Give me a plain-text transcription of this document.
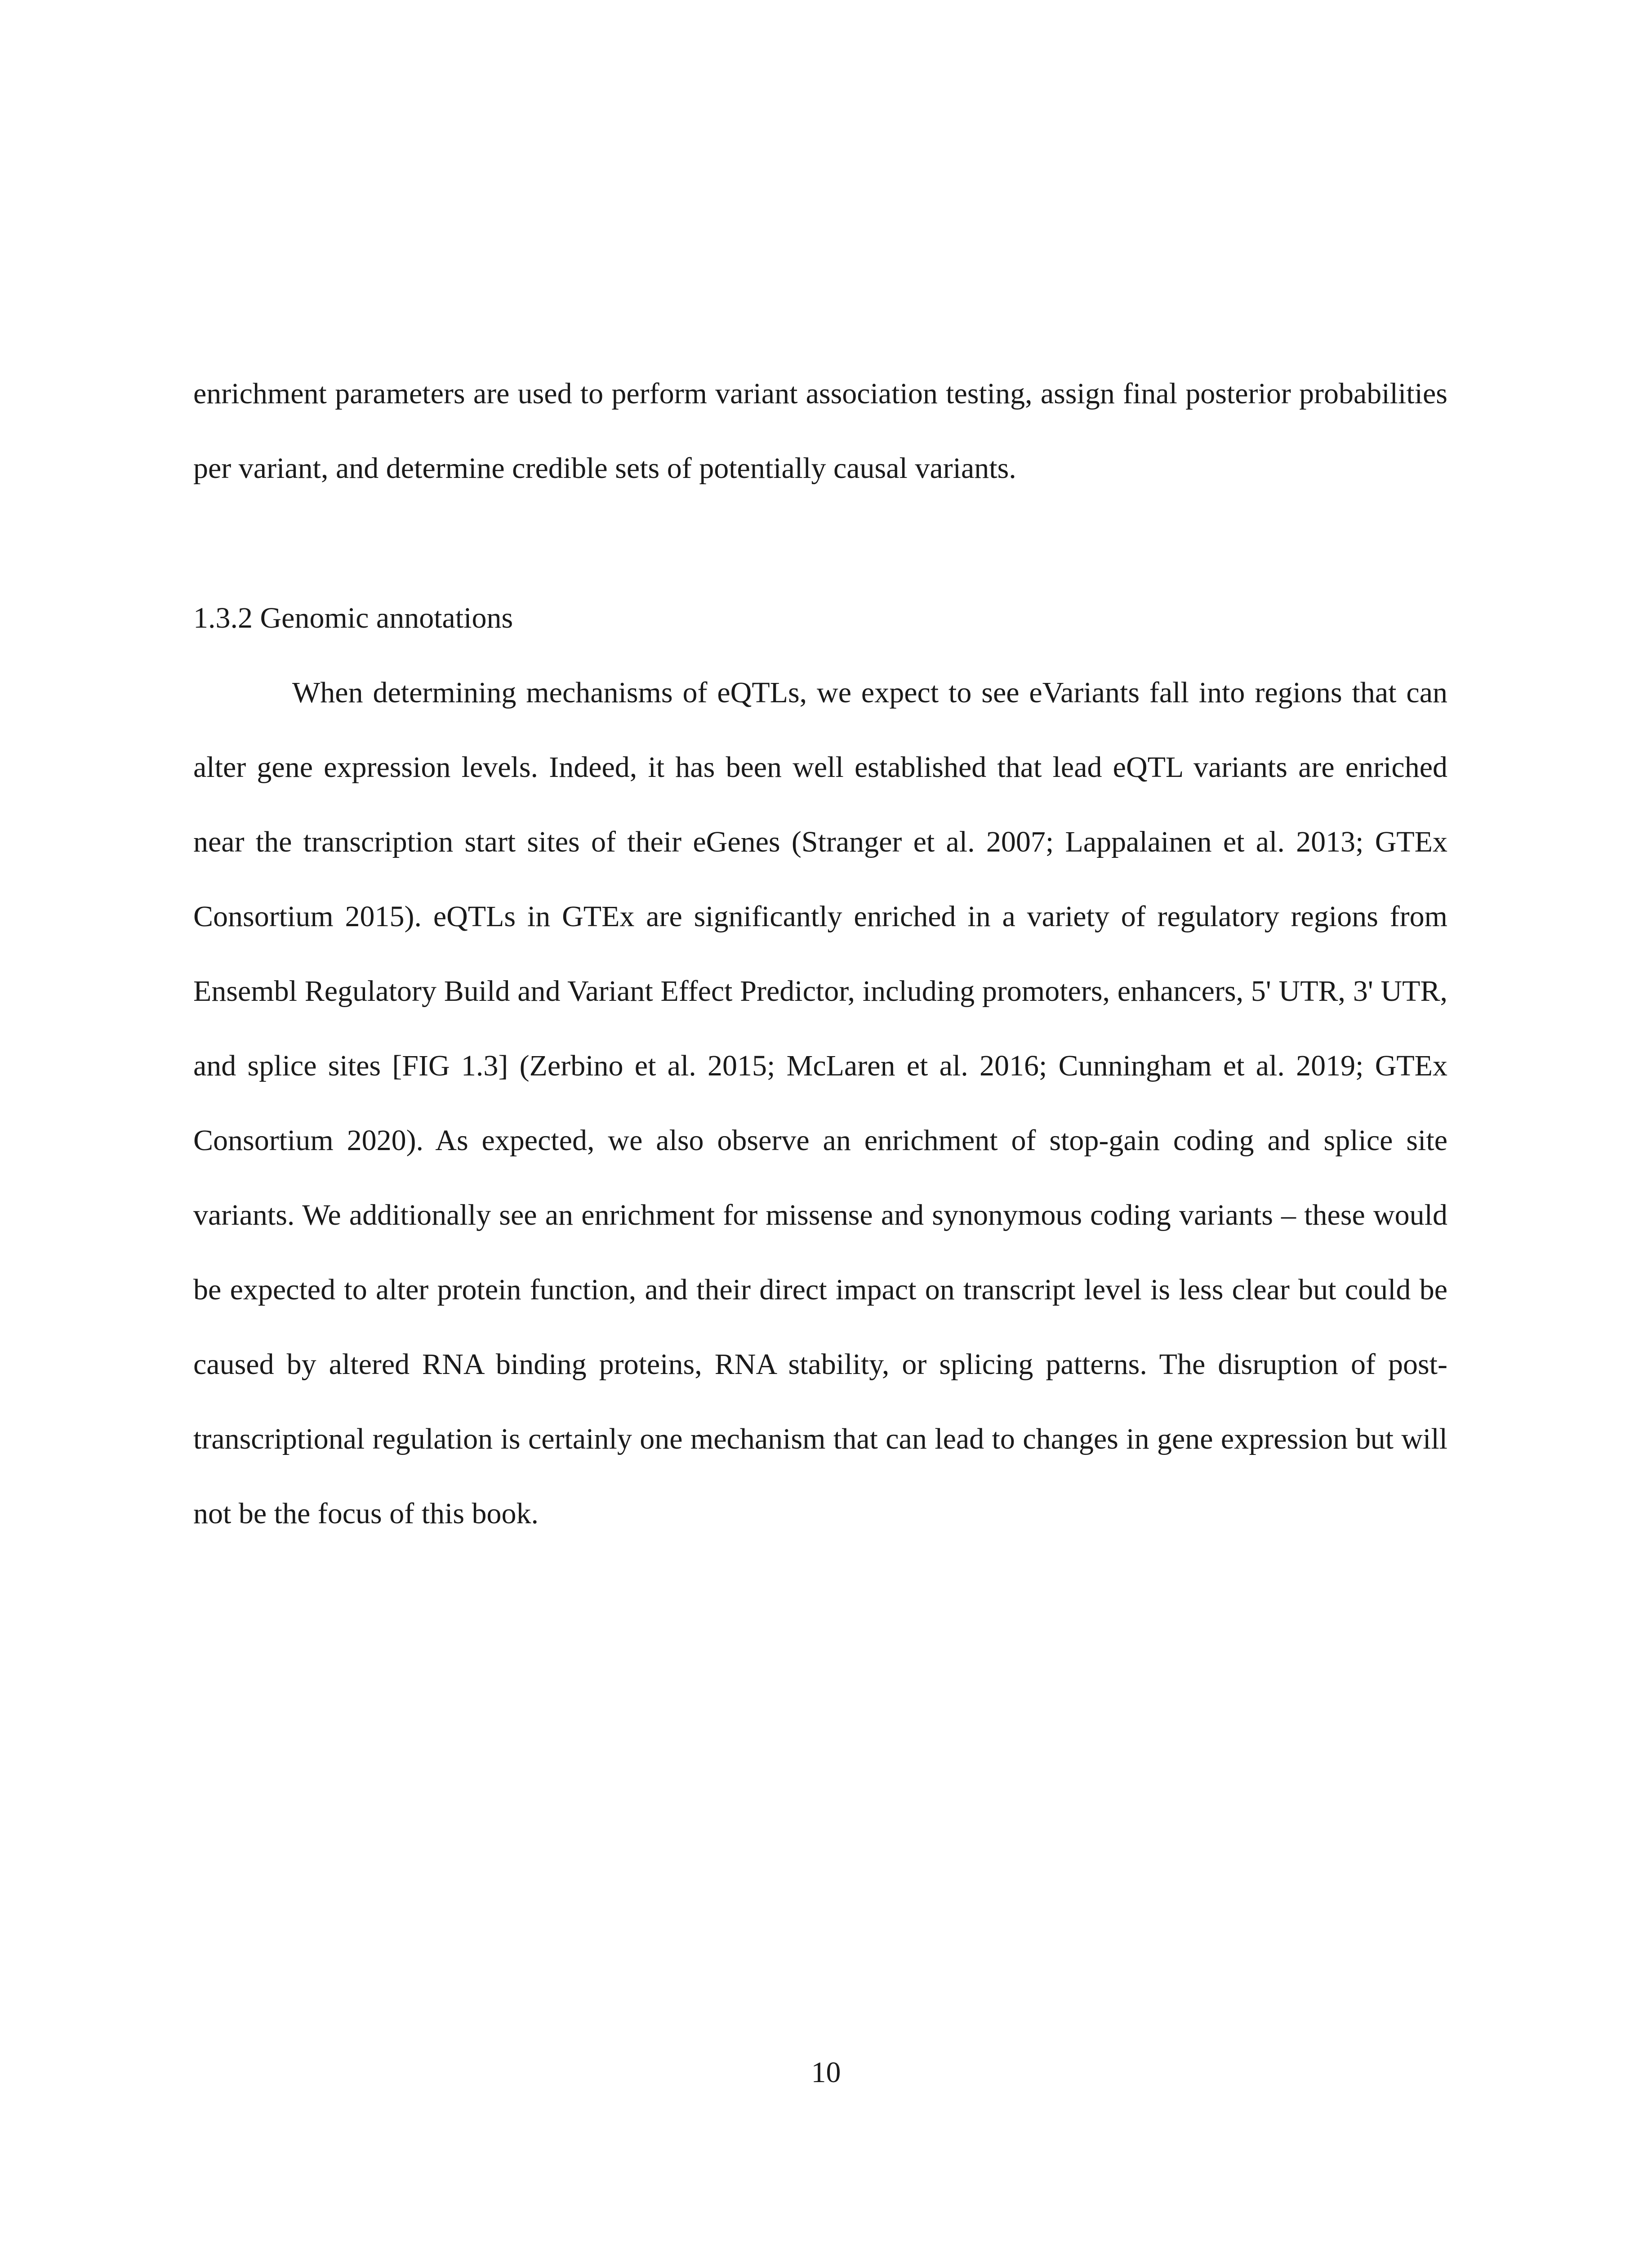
enrichment parameters are used to perform variant association testing, assign final posterior probabilities per variant, and determine credible sets of potentially causal variants.

1.3.2 Genomic annotations

When determining mechanisms of eQTLs, we expect to see eVariants fall into regions that can alter gene expression levels. Indeed, it has been well established that lead eQTL variants are enriched near the transcription start sites of their eGenes (Stranger et al. 2007; Lappalainen et al. 2013; GTEx Consortium 2015). eQTLs in GTEx are significantly enriched in a variety of regulatory regions from Ensembl Regulatory Build and Variant Effect Predictor, including promoters, enhancers, 5' UTR, 3' UTR, and splice sites [FIG 1.3] (Zerbino et al. 2015; McLaren et al. 2016; Cunningham et al. 2019; GTEx Consortium 2020). As expected, we also observe an enrichment of stop-gain coding and splice site variants. We additionally see an enrichment for missense and synonymous coding variants – these would be expected to alter protein function, and their direct impact on transcript level is less clear but could be caused by altered RNA binding proteins, RNA stability, or splicing patterns. The disruption of post-transcriptional regulation is certainly one mechanism that can lead to changes in gene expression but will not be the focus of this book.

10
